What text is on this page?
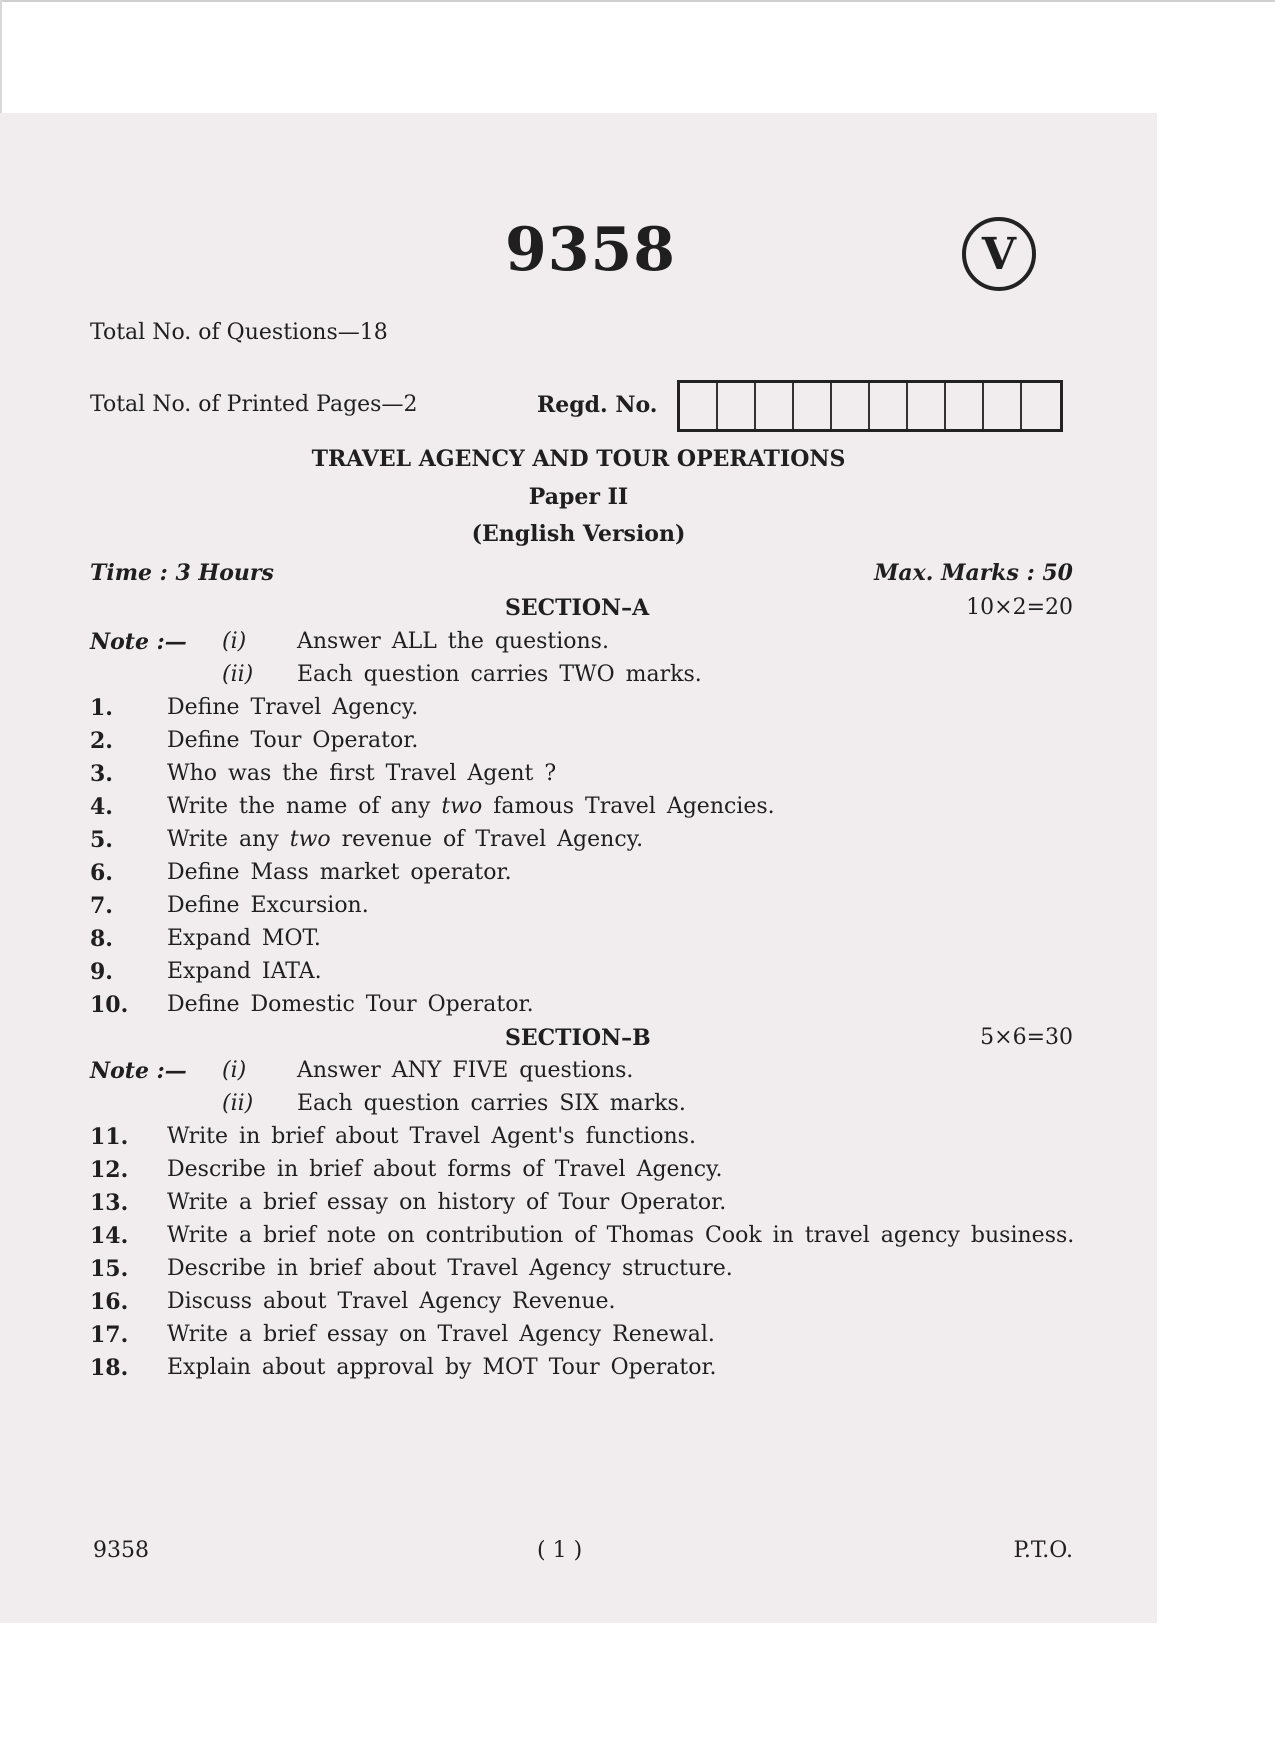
9358	V
Total No. of Questions—18
Total No. of Printed Pages—2	Regd. No.
TRAVEL AGENCY AND TOUR OPERATIONS
Paper II
(English Version)
Time : 3 Hours	Max. Marks : 50
SECTION–A	10×2=20
Note :— (i) Answer ALL the questions.
(ii) Each question carries TWO marks.
1.	Define Travel Agency.
2.	Define Tour Operator.
3.	Who was the first Travel Agent ?
4.	Write the name of any two famous Travel Agencies.
5.	Write any two revenue of Travel Agency.
6.	Define Mass market operator.
7.	Define Excursion.
8.	Expand MOT.
9.	Expand IATA.
10.	Define Domestic Tour Operator.
SECTION–B	5×6=30
Note :— (i) Answer ANY FIVE questions.
(ii) Each question carries SIX marks.
11.	Write in brief about Travel Agent's functions.
12.	Describe in brief about forms of Travel Agency.
13.	Write a brief essay on history of Tour Operator.
14.	Write a brief note on contribution of Thomas Cook in travel agency business.
15.	Describe in brief about Travel Agency structure.
16.	Discuss about Travel Agency Revenue.
17.	Write a brief essay on Travel Agency Renewal.
18.	Explain about approval by MOT Tour Operator.
9358	( 1 )	P.T.O.
